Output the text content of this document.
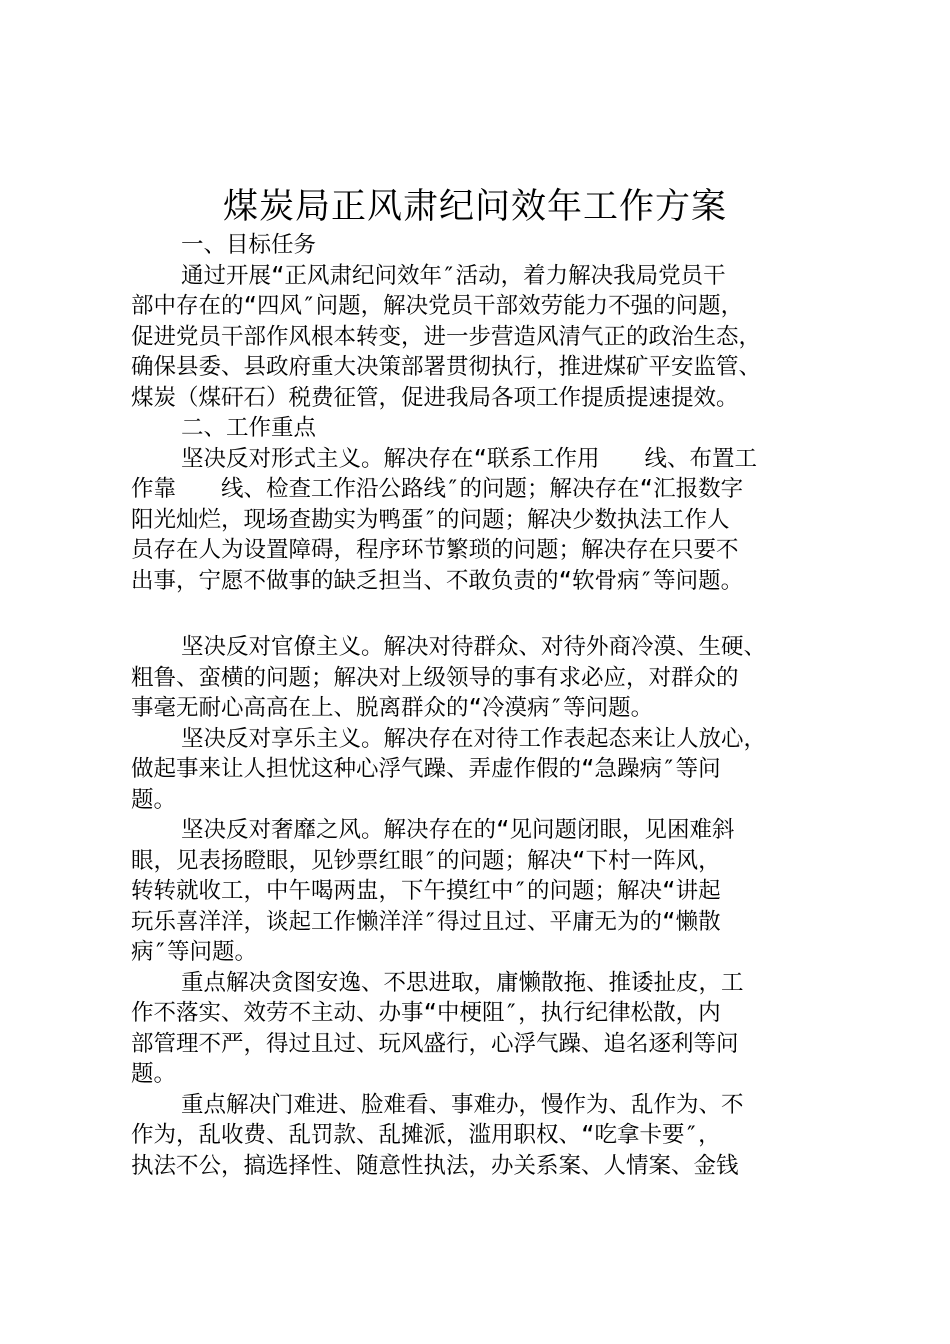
煤炭局正风肃纪问效年工作方案
一、目标任务
通过开展“正风肃纪问效年″活动，着力解决我局党员干
部中存在的“四风″问题，解决党员干部效劳能力不强的问题，
促进党员干部作风根本转变，进一步营造风清气正的政治生态，
确保县委、县政府重大决策部署贯彻执行，推进煤矿平安监管、
煤炭（煤矸石）税费征管，促进我局各项工作提质提速提效。
二、工作重点
坚决反对形式主义。解决存在“联系工作用　　线、布置工
作靠　　线、检查工作沿公路线″的问题；解决存在“汇报数字
阳光灿烂，现场查勘实为鸭蛋″的问题；解决少数执法工作人
员存在人为设置障碍，程序环节繁琐的问题；解决存在只要不
出事，宁愿不做事的缺乏担当、不敢负责的“软骨病″等问题。
坚决反对官僚主义。解决对待群众、对待外商冷漠、生硬、
粗鲁、蛮横的问题；解决对上级领导的事有求必应，对群众的
事毫无耐心高高在上、脱离群众的“冷漠病″等问题。
坚决反对享乐主义。解决存在对待工作表起态来让人放心，
做起事来让人担忧这种心浮气躁、弄虚作假的“急躁病″等问
题。
坚决反对奢靡之风。解决存在的“见问题闭眼，见困难斜
眼，见表扬瞪眼，见钞票红眼″的问题；解决“下村一阵风，
转转就收工，中午喝两盅，下午摸红中″的问题；解决“讲起
玩乐喜洋洋，谈起工作懒洋洋″得过且过、平庸无为的“懒散
病″等问题。
重点解决贪图安逸、不思进取，庸懒散拖、推诿扯皮，工
作不落实、效劳不主动、办事“中梗阻″，执行纪律松散，内
部管理不严，得过且过、玩风盛行，心浮气躁、追名逐利等问
题。
重点解决门难进、脸难看、事难办，慢作为、乱作为、不
作为，乱收费、乱罚款、乱摊派，滥用职权、“吃拿卡要″，
执法不公，搞选择性、随意性执法，办关系案、人情案、金钱
